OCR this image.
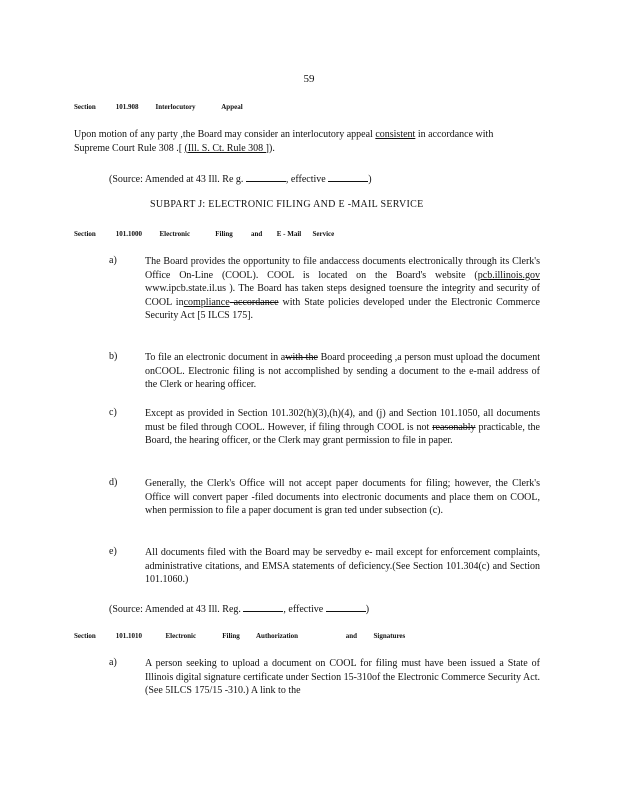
59
Section	101.908 Interlocutory	Appeal
Upon motion of any party ,the Board may consider an interlocutory appeal consistent in accordance with Supreme Court Rule 308 .[ (Ill. S. Ct. Rule 308 ]).
(Source: Amended at 43 Ill. Re g.	, effective	)
SUBPART J: ELECTRONIC FILING AND E -MAIL SERVICE
Section	101.1000	Electronic	Filing	and E - Mail Service
a)	The Board provides the opportunity to file andaccess documents electronically through its Clerk's Office On-Line (COOL). COOL is located on the Board's website (pcb.illinois.gov www.ipcb.state.il.us ). The Board has taken steps designed toensure the integrity and security of COOL incompliance accordance with State policies developed under the Electronic Commerce Security Act [5 ILCS 175].
b)	To file an electronic document in awith the Board proceeding ,a person must upload the document onCOOL. Electronic filing is not accomplished by sending a document to the e-mail address of the Clerk or hearing officer.
c)	Except as provided in Section 101.302(h)(3),(h)(4), and (j) and Section 101.1050, all documents must be filed through COOL. However, if filing through COOL is not reasonably practicable, the Board, the hearing officer, or the Clerk may grant permission to file in paper.
d)	Generally, the Clerk's Office will not accept paper documents for filing; however, the Clerk's Office will convert paper -filed documents into electronic documents and place them on COOL, when permission to file a paper document is gran ted under subsection (c).
e)	All documents filed with the Board may be servedby e- mail except for enforcement complaints, administrative citations, and EMSA statements of deficiency.(See Section 101.304(c) and Section 101.1060.)
(Source: Amended at 43 Ill. Reg.	, effective	)
Section	101.1010	Electronic	Filing Authorization	and Signatures
a)	A person seeking to upload a document on COOL for filing must have been issued a State of Illinois digital signature certificate under Section 15-310of the Electronic Commerce Security Act. (See 5ILCS 175/15 -310.) A link to the
